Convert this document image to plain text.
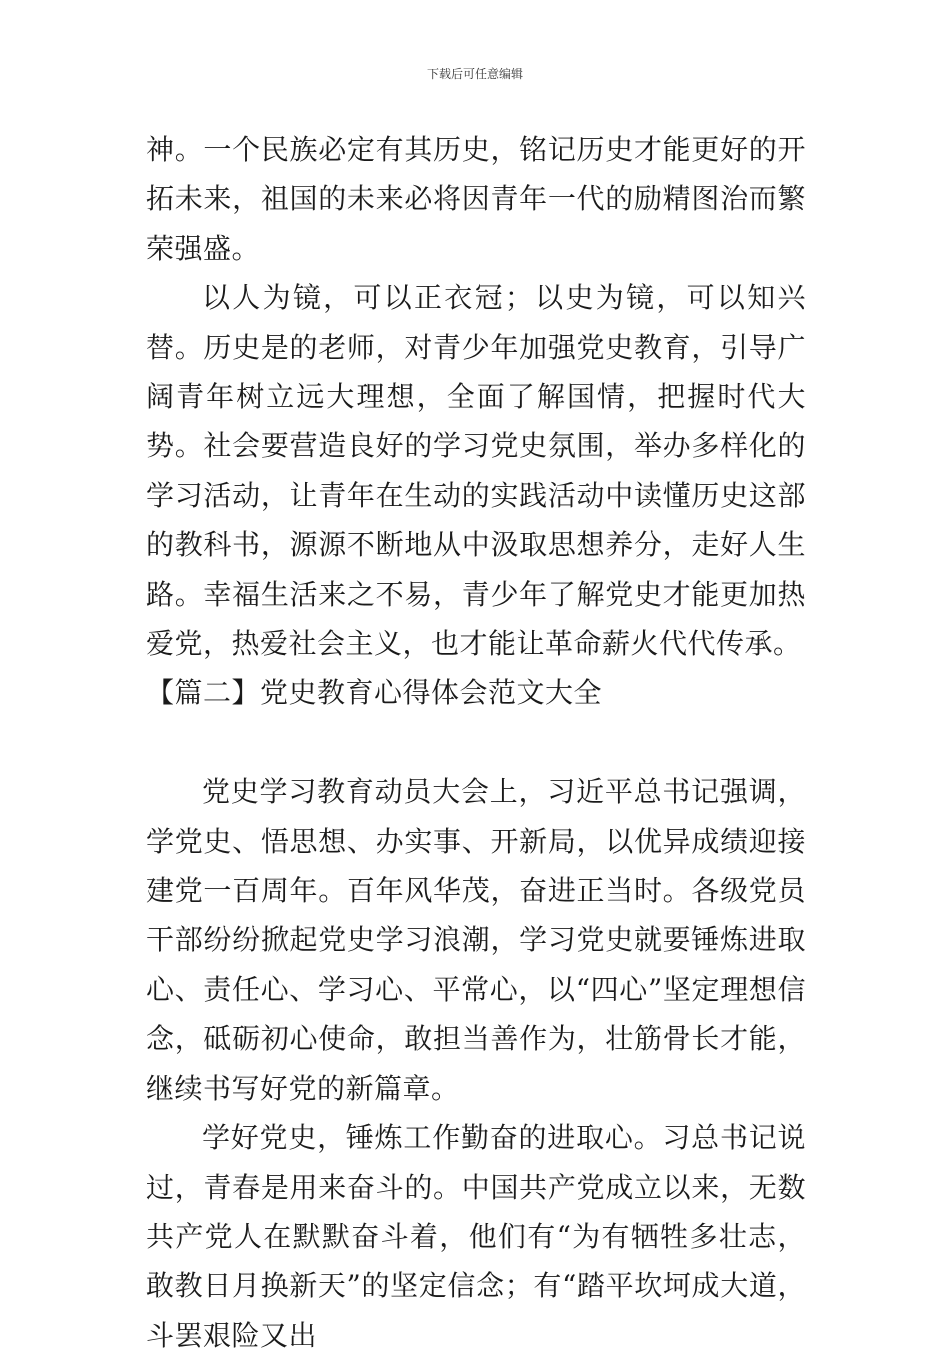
下载后可任意编辑

神。一个民族必定有其历史，铭记历史才能更好的开拓未来，祖国的未来必将因青年一代的励精图治而繁荣强盛。

以人为镜，可以正衣冠；以史为镜，可以知兴替。历史是的老师，对青少年加强党史教育，引导广阔青年树立远大理想，全面了解国情，把握时代大势。社会要营造良好的学习党史氛围，举办多样化的学习活动，让青年在生动的实践活动中读懂历史这部的教科书，源源不断地从中汲取思想养分，走好人生路。幸福生活来之不易，青少年了解党史才能更加热爱党，热爱社会主义，也才能让革命薪火代代传承。

【篇二】党史教育心得体会范文大全

党史学习教育动员大会上，习近平总书记强调，学党史、悟思想、办实事、开新局，以优异成绩迎接建党一百周年。百年风华茂，奋进正当时。各级党员干部纷纷掀起党史学习浪潮，学习党史就要锤炼进取心、责任心、学习心、平常心，以“四心”坚定理想信念，砥砺初心使命，敢担当善作为，壮筋骨长才能，继续书写好党的新篇章。

学好党史，锤炼工作勤奋的进取心。习总书记说过，青春是用来奋斗的。中国共产党成立以来，无数共产党人在默默奋斗着，他们有“为有牺牲多壮志，敢教日月换新天”的坚定信念；有“踏平坎坷成大道，斗罢艰险又出
